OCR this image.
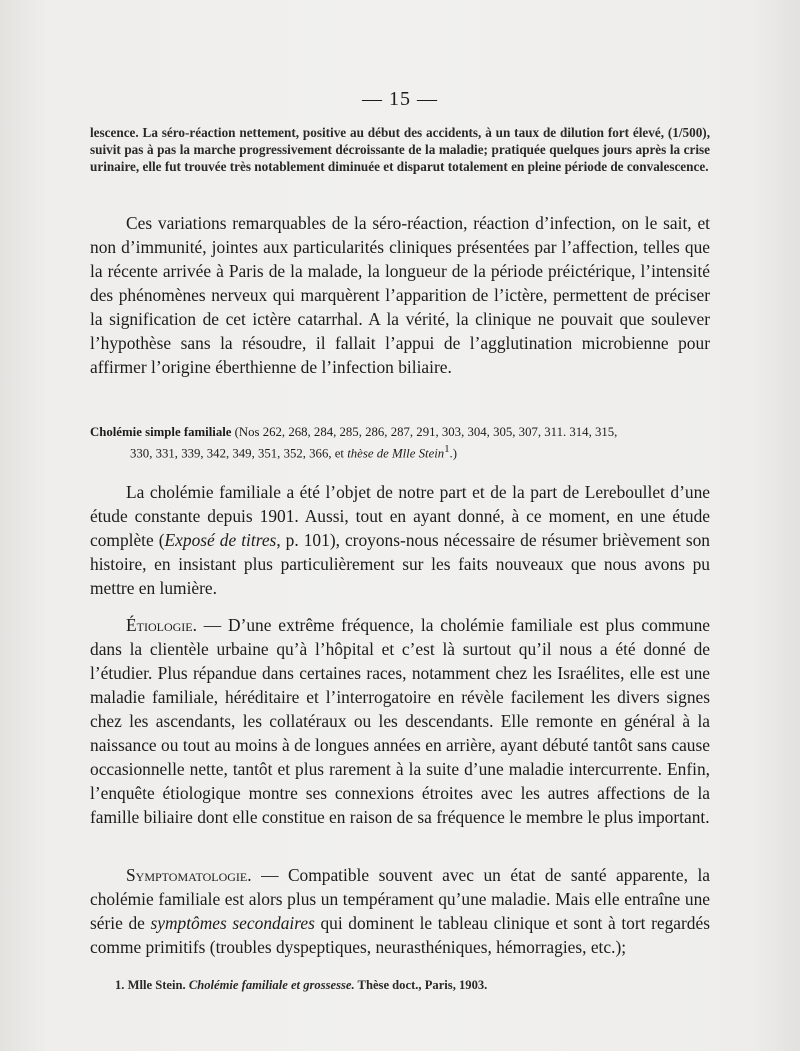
— 15 —
lescence. La séro-réaction nettement, positive au début des accidents, à un taux de dilution fort élevé, (1/500), suivit pas à pas la marche progressivement décroissante de la maladie; pratiquée quelques jours après la crise urinaire, elle fut trouvée très notablement diminuée et disparut totalement en pleine période de convalescence.
Ces variations remarquables de la séro-réaction, réaction d’infection, on le sait, et non d’immunité, jointes aux particularités cliniques présentées par l’affection, telles que la récente arrivée à Paris de la malade, la longueur de la période préictérique, l’intensité des phénomènes nerveux qui marquèrent l’apparition de l’ictère, permettent de préciser la signification de cet ictère catarrhal. A la vérité, la clinique ne pouvait que soulever l’hypothèse sans la résoudre, il fallait l’appui de l’agglutination microbienne pour affirmer l’origine éberthienne de l’infection biliaire.
Cholémie simple familiale (Nos 262, 268, 284, 285, 286, 287, 291, 303, 304, 305, 307, 311. 314, 315,
330, 331, 339, 342, 349, 351, 352, 366, et thèse de Mlle Stein$^1$.)
La cholémie familiale a été l’objet de notre part et de la part de Lereboullet d’une étude constante depuis 1901. Aussi, tout en ayant donné, à ce moment, en une étude complète (Exposé de titres, p. 101), croyons-nous nécessaire de résumer brièvement son histoire, en insistant plus particulièrement sur les faits nouveaux que nous avons pu mettre en lumière.
Étiologie. — D’une extrême fréquence, la cholémie familiale est plus commune dans la clientèle urbaine qu’à l’hôpital et c’est là surtout qu’il nous a été donné de l’étudier. Plus répandue dans certaines races, notamment chez les Israélites, elle est une maladie familiale, héréditaire et l’interrogatoire en révèle facilement les divers signes chez les ascendants, les collatéraux ou les descendants. Elle remonte en général à la naissance ou tout au moins à de longues années en arrière, ayant débuté tantôt sans cause occasionnelle nette, tantôt et plus rarement à la suite d’une maladie intercurrente. Enfin, l’enquête étiologique montre ses connexions étroites avec les autres affections de la famille biliaire dont elle constitue en raison de sa fréquence le membre le plus important.
Symptomatologie. — Compatible souvent avec un état de santé apparente, la cholémie familiale est alors plus un tempérament qu’une maladie. Mais elle entraîne une série de symptômes secondaires qui dominent le tableau clinique et sont à tort regardés comme primitifs (troubles dyspeptiques, neurasthéniques, hémorragies, etc.);
1. Mlle Stein. Cholémie familiale et grossesse. Thèse doct., Paris, 1903.
